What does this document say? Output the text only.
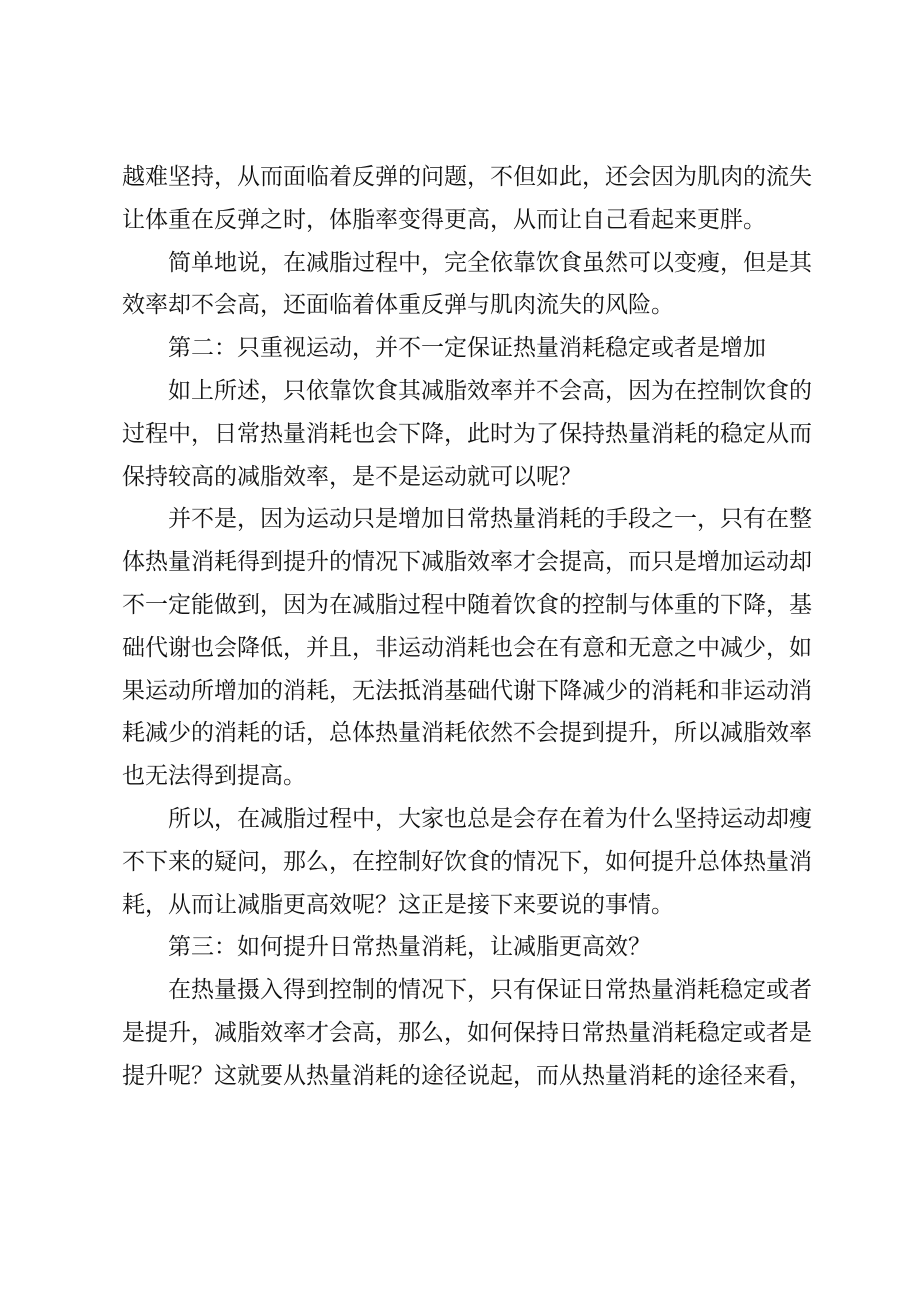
越难坚持，从而面临着反弹的问题，不但如此，还会因为肌肉的流失让体重在反弹之时，体脂率变得更高，从而让自己看起来更胖。

简单地说，在减脂过程中，完全依靠饮食虽然可以变瘦，但是其效率却不会高，还面临着体重反弹与肌肉流失的风险。

第二：只重视运动，并不一定保证热量消耗稳定或者是增加

如上所述，只依靠饮食其减脂效率并不会高，因为在控制饮食的过程中，日常热量消耗也会下降，此时为了保持热量消耗的稳定从而保持较高的减脂效率，是不是运动就可以呢？

并不是，因为运动只是增加日常热量消耗的手段之一，只有在整体热量消耗得到提升的情况下减脂效率才会提高，而只是增加运动却不一定能做到，因为在减脂过程中随着饮食的控制与体重的下降，基础代谢也会降低，并且，非运动消耗也会在有意和无意之中减少，如果运动所增加的消耗，无法抵消基础代谢下降减少的消耗和非运动消耗减少的消耗的话，总体热量消耗依然不会提到提升，所以减脂效率也无法得到提高。

所以，在减脂过程中，大家也总是会存在着为什么坚持运动却瘦不下来的疑问，那么，在控制好饮食的情况下，如何提升总体热量消耗，从而让减脂更高效呢？这正是接下来要说的事情。

第三：如何提升日常热量消耗，让减脂更高效？

在热量摄入得到控制的情况下，只有保证日常热量消耗稳定或者是提升，减脂效率才会高，那么，如何保持日常热量消耗稳定或者是提升呢？这就要从热量消耗的途径说起，而从热量消耗的途径来看，
